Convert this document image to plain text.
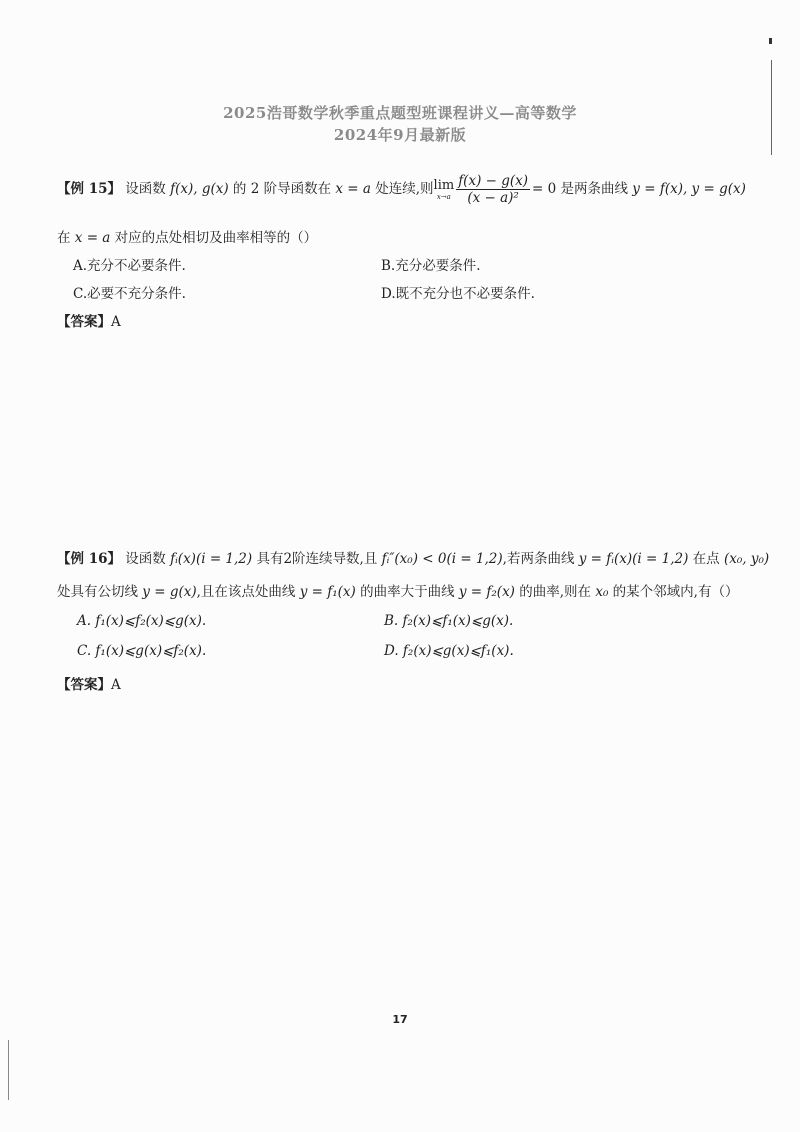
2025浩哥数学秋季重点题型班课程讲义—高等数学
2024年9月最新版
【例 15】 设函数 f(x), g(x) 的 2 阶导函数在 x = a 处连续,则 lim
$x\to a \frac{f(x) - g(x)}{\text{(x − a)²}} = 0$ 是两条曲线 y = f(x), y = g(x)
在 x = a 对应的点处相切及曲率相等的（）
A.充分不必要条件.	B.充分必要条件.
C.必要不充分条件.	D.既不充分也不必要条件.
【答案】A
【例 16】 设函数 fᵢ(x)(i = 1,2) 具有2阶连续导数,且 fᵢ″(x₀) < 0(i = 1,2),若两条曲线 y = fᵢ(x)(i = 1,2) 在点 (x₀, y₀)
处具有公切线 y = g(x),且在该点处曲线 y = f₁(x) 的曲率大于曲线 y = f₂(x) 的曲率,则在 x₀ 的某个邻域内,有（）
A. f₁(x)⩽f₂(x)⩽g(x).	B. f₂(x)⩽f₁(x)⩽g(x).
C. f₁(x)⩽g(x)⩽f₂(x).	D. f₂(x)⩽g(x)⩽f₁(x).
【答案】A
17
